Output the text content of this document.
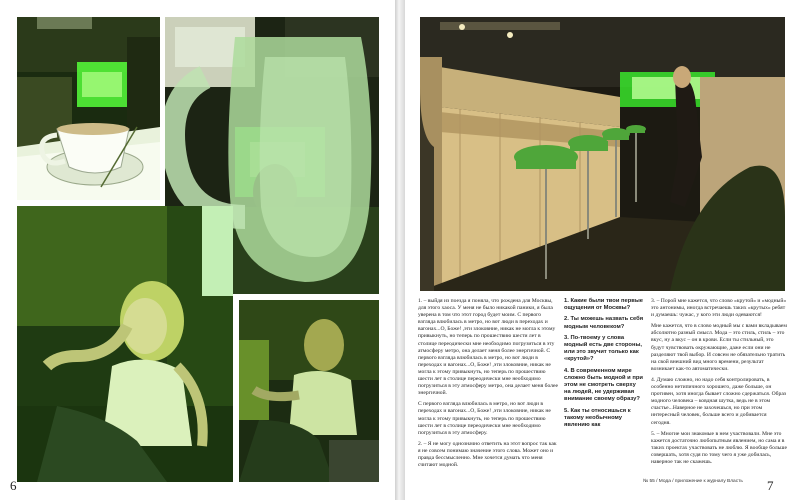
6

1. – выйдя из поезда я поняла, что рождена для Москвы, для этого хаоса. У меня не было никакой паники, я была уверена в том что этот город будет моим. С первого взгляда влюбилась в метро, но вот люди в переходах и вагонах...О, Боже! ,эти злоковние, никак не могла к этому привыкнуть, но теперь по прошествию шести лет в столице переодически мне необходимо погрузиться в эту атмосферу метро, она делает меня более энергичной. С первого взгляда влюбилась в метро, но вот люди в переходах и вагонах...О, Боже! ,эти злоковние, никак не могла к этому привыкнуть, но теперь по прошествию шести лет в столице переодически мне необходимо погрузиться в эту атмосферу метро, она делает меня более энергичной.

С первого взгляда влюбилась в метро, но вот люди в переходах и вагонах...О, Боже! ,эти злоковние, никак не могла к этому привыкнуть, но теперь по прошествию шести лет в столице переодически мне необходимо погрузиться в эту атмосферу.

2. – Я не могу однозначно ответить на этот вопрос так как я не совсем понимаю значение этого слова. Может оно и правда бессмысленно. Мне хочется думать что меня считают модной.

1. Какие были твои первые ощущения от Москвы?

2. Ты можешь назвать себя модным человеком?

3. По-твоему у слова модный есть две стороны, или это звучит только как «крутой»?

4. В современном мире сложно быть модной и при этом не смотреть сверху на людей, не удерживая внимание своему образу?

5. Как ты относишься к такому необычному явлению как

3. – Порой мне кажется, что слово «крутой» и «модный» это антонимы, иногда встречаешь таких «крутых» ребят и думаешь: чужас, у кого эти люди одеваются!

Мне кажется, что в слово модный мы с вами вкладываем абсолютно разный смысл. Мода – это стиль, стиль – это вкус, ну а вкус – он в крови. Если ты стильный, это будут чувствовать окружающие, даже если они не разделяют твой выбор. И совсем не обязательно тратить на свой внешний вид много времени, результат возникает как-то автоматически.

4. Думаю сложно, но надо себя контролировать, в особенно нетипичного хорошего, даже больше, он противен, хотя иногда бывает сложно сдержаться. Образ модного человека – ковдная шутка, ведь не в этом счастье...Наверное не захочешься, но при этом интересный человек, больше всего и добивается сегодня.

5. – Многие мои знакомые в нем участвовали. Мне это кажется достаточно любопытным явлением, но сама я в таких проектах участвовать не люблю. Я вообще больше совершать, хотя судя по тому чего я уже добилась, наверное так не скажешь.

№ 55 / Мода / приложение к журналу Власть 7
